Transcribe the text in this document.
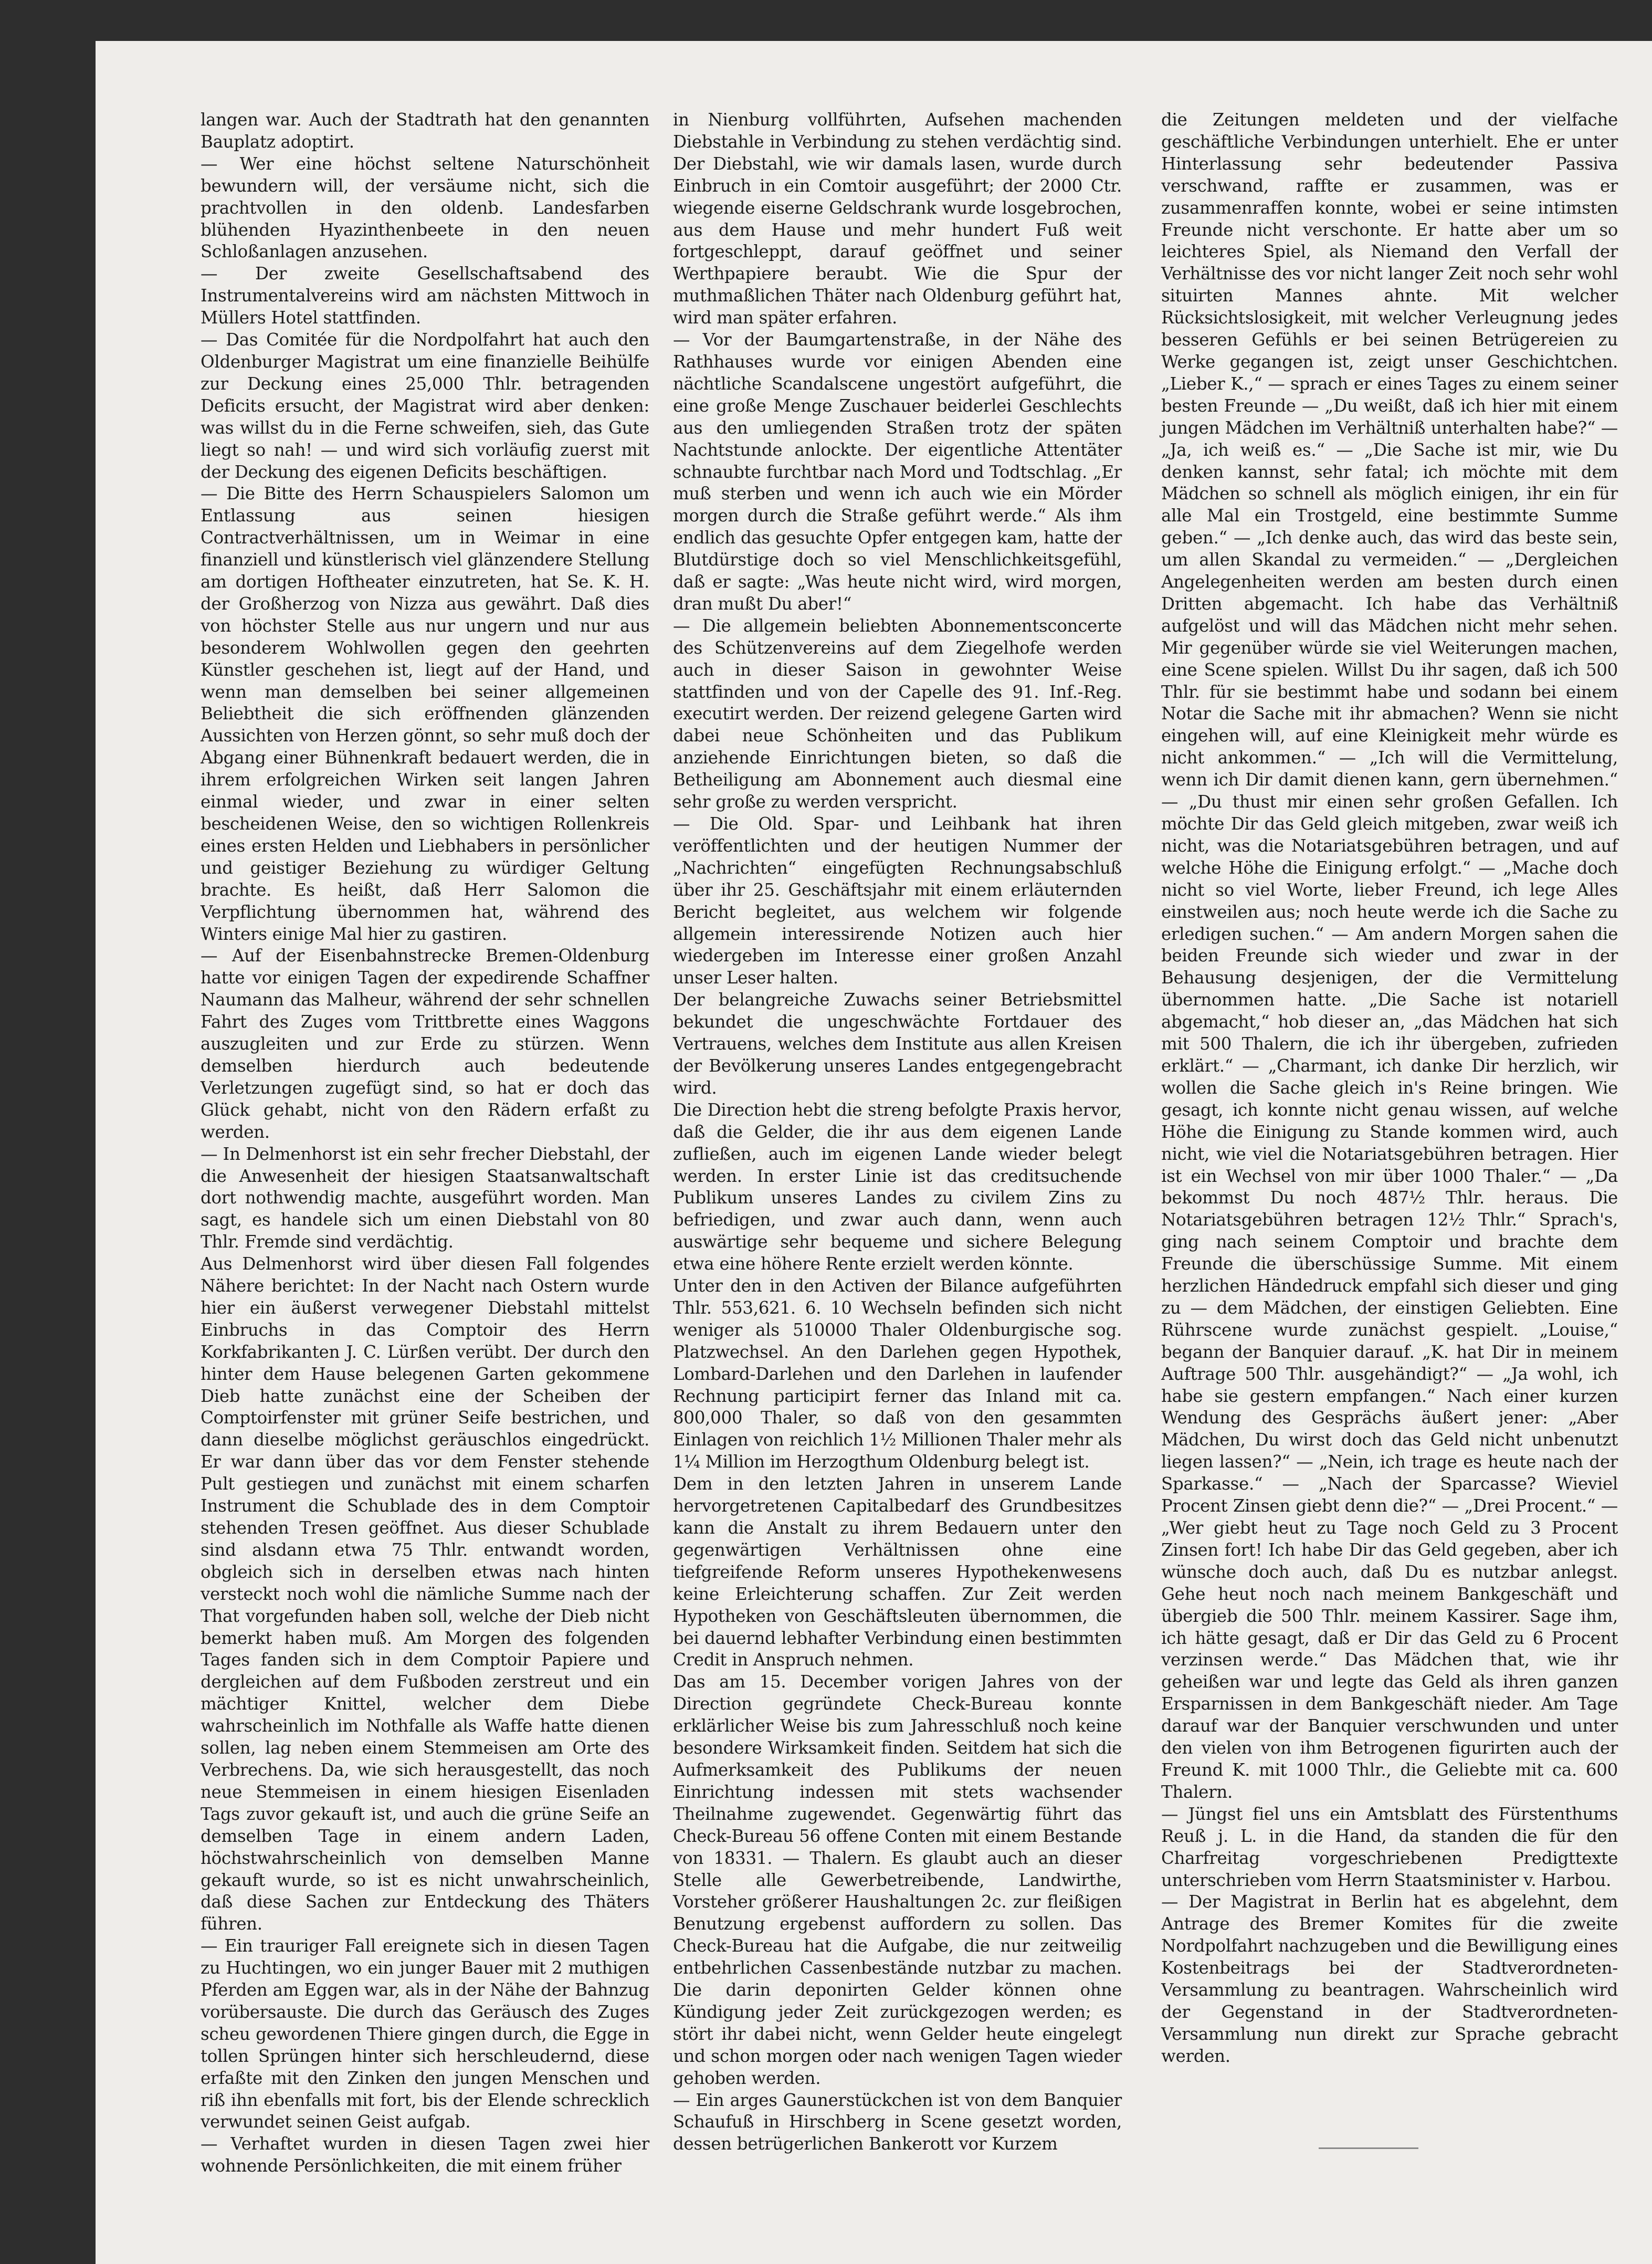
langen war. Auch der Stadtrath hat den genannten Bauplatz adoptirt.

— Wer eine höchst seltene Naturschönheit bewundern will, der versäume nicht, sich die prachtvollen in den oldenb. Landesfarben blühenden Hyazinthenbeete in den neuen Schloßanlagen anzusehen.

— Der zweite Gesellschaftsabend des Instrumentalvereins wird am nächsten Mittwoch in Müllers Hotel stattfinden.

— Das Comitée für die Nordpolfahrt hat auch den Oldenburger Magistrat um eine finanzielle Beihülfe zur Deckung eines 25,000 Thlr. betragenden Deficits ersucht, der Magistrat wird aber denken: was willst du in die Ferne schweifen, sieh, das Gute liegt so nah! — und wird sich vorläufig zuerst mit der Deckung des eigenen Deficits beschäftigen.

— Die Bitte des Herrn Schauspielers Salomon um Entlassung aus seinen hiesigen Contractverhältnissen, um in Weimar in eine finanziell und künstlerisch viel glänzendere Stellung am dortigen Hoftheater einzutreten, hat Se. K. H. der Großherzog von Nizza aus gewährt. Daß dies von höchster Stelle aus nur ungern und nur aus besonderem Wohlwollen gegen den geehrten Künstler geschehen ist, liegt auf der Hand, und wenn man demselben bei seiner allgemeinen Beliebtheit die sich eröffnenden glänzenden Aussichten von Herzen gönnt, so sehr muß doch der Abgang einer Bühnenkraft bedauert werden, die in ihrem erfolgreichen Wirken seit langen Jahren einmal wieder, und zwar in einer selten bescheidenen Weise, den so wichtigen Rollenkreis eines ersten Helden und Liebhabers in persönlicher und geistiger Beziehung zu würdiger Geltung brachte. Es heißt, daß Herr Salomon die Verpflichtung übernommen hat, während des Winters einige Mal hier zu gastiren.

— Auf der Eisenbahnstrecke Bremen-Oldenburg hatte vor einigen Tagen der expedirende Schaffner Naumann das Malheur, während der sehr schnellen Fahrt des Zuges vom Trittbrette eines Waggons auszugleiten und zur Erde zu stürzen. Wenn demselben hierdurch auch bedeutende Verletzungen zugefügt sind, so hat er doch das Glück gehabt, nicht von den Rädern erfaßt zu werden.

— In Delmenhorst ist ein sehr frecher Diebstahl, der die Anwesenheit der hiesigen Staatsanwaltschaft dort nothwendig machte, ausgeführt worden. Man sagt, es handele sich um einen Diebstahl von 80 Thlr. Fremde sind verdächtig.

Aus Delmenhorst wird über diesen Fall folgendes Nähere berichtet: In der Nacht nach Ostern wurde hier ein äußerst verwegener Diebstahl mittelst Einbruchs in das Comptoir des Herrn Korkfabrikanten J. C. Lürßen verübt. Der durch den hinter dem Hause belegenen Garten gekommene Dieb hatte zunächst eine der Scheiben der Comptoirfenster mit grüner Seife bestrichen, und dann dieselbe möglichst geräuschlos eingedrückt. Er war dann über das vor dem Fenster stehende Pult gestiegen und zunächst mit einem scharfen Instrument die Schublade des in dem Comptoir stehenden Tresen geöffnet. Aus dieser Schublade sind alsdann etwa 75 Thlr. entwandt worden, obgleich sich in derselben etwas nach hinten versteckt noch wohl die nämliche Summe nach der That vorgefunden haben soll, welche der Dieb nicht bemerkt haben muß. Am Morgen des folgenden Tages fanden sich in dem Comptoir Papiere und dergleichen auf dem Fußboden zerstreut und ein mächtiger Knittel, welcher dem Diebe wahrscheinlich im Nothfalle als Waffe hatte dienen sollen, lag neben einem Stemmeisen am Orte des Verbrechens. Da, wie sich herausgestellt, das noch neue Stemmeisen in einem hiesigen Eisenladen Tags zuvor gekauft ist, und auch die grüne Seife an demselben Tage in einem andern Laden, höchstwahrscheinlich von demselben Manne gekauft wurde, so ist es nicht unwahrscheinlich, daß diese Sachen zur Entdeckung des Thäters führen.

— Ein trauriger Fall ereignete sich in diesen Tagen zu Huchtingen, wo ein junger Bauer mit 2 muthigen Pferden am Eggen war, als in der Nähe der Bahnzug vorübersauste. Die durch das Geräusch des Zuges scheu gewordenen Thiere gingen durch, die Egge in tollen Sprüngen hinter sich herschleudernd, diese erfaßte mit den Zinken den jungen Menschen und riß ihn ebenfalls mit fort, bis der Elende schrecklich verwundet seinen Geist aufgab.

— Verhaftet wurden in diesen Tagen zwei hier wohnende Persönlichkeiten, die mit einem früher

in Nienburg vollführten, Aufsehen machenden Diebstahle in Verbindung zu stehen verdächtig sind. Der Diebstahl, wie wir damals lasen, wurde durch Einbruch in ein Comtoir ausgeführt; der 2000 Ctr. wiegende eiserne Geldschrank wurde losgebrochen, aus dem Hause und mehr hundert Fuß weit fortgeschleppt, darauf geöffnet und seiner Werthpapiere beraubt. Wie die Spur der muthmaßlichen Thäter nach Oldenburg geführt hat, wird man später erfahren.

— Vor der Baumgartenstraße, in der Nähe des Rathhauses wurde vor einigen Abenden eine nächtliche Scandalscene ungestört aufgeführt, die eine große Menge Zuschauer beiderlei Geschlechts aus den umliegenden Straßen trotz der späten Nachtstunde anlockte. Der eigentliche Attentäter schnaubte furchtbar nach Mord und Todtschlag. „Er muß sterben und wenn ich auch wie ein Mörder morgen durch die Straße geführt werde.“ Als ihm endlich das gesuchte Opfer entgegen kam, hatte der Blutdürstige doch so viel Menschlichkeitsgefühl, daß er sagte: „Was heute nicht wird, wird morgen, dran mußt Du aber!“

— Die allgemein beliebten Abonnementsconcerte des Schützenvereins auf dem Ziegelhofe werden auch in dieser Saison in gewohnter Weise stattfinden und von der Capelle des 91. Inf.-Reg. executirt werden. Der reizend gelegene Garten wird dabei neue Schönheiten und das Publikum anziehende Einrichtungen bieten, so daß die Betheiligung am Abonnement auch diesmal eine sehr große zu werden verspricht.

— Die Old. Spar- und Leihbank hat ihren veröffentlichten und der heutigen Nummer der „Nachrichten“ eingefügten Rechnungsabschluß über ihr 25. Geschäftsjahr mit einem erläuternden Bericht begleitet, aus welchem wir folgende allgemein interessirende Notizen auch hier wiedergeben im Interesse einer großen Anzahl unser Leser halten.

Der belangreiche Zuwachs seiner Betriebsmittel bekundet die ungeschwächte Fortdauer des Vertrauens, welches dem Institute aus allen Kreisen der Bevölkerung unseres Landes entgegengebracht wird.

Die Direction hebt die streng befolgte Praxis hervor, daß die Gelder, die ihr aus dem eigenen Lande zufließen, auch im eigenen Lande wieder belegt werden. In erster Linie ist das creditsuchende Publikum unseres Landes zu civilem Zins zu befriedigen, und zwar auch dann, wenn auch auswärtige sehr bequeme und sichere Belegung etwa eine höhere Rente erzielt werden könnte.

Unter den in den Activen der Bilance aufgeführten Thlr. 553,621. 6. 10 Wechseln befinden sich nicht weniger als 510000 Thaler Oldenburgische sog. Platzwechsel. An den Darlehen gegen Hypothek, Lombard-Darlehen und den Darlehen in laufender Rechnung participirt ferner das Inland mit ca. 800,000 Thaler, so daß von den gesammten Einlagen von reichlich 1½ Millionen Thaler mehr als 1¼ Million im Herzogthum Oldenburg belegt ist.

Dem in den letzten Jahren in unserem Lande hervorgetretenen Capitalbedarf des Grundbesitzes kann die Anstalt zu ihrem Bedauern unter den gegenwärtigen Verhältnissen ohne eine tiefgreifende Reform unseres Hypothekenwesens keine Erleichterung schaffen. Zur Zeit werden Hypotheken von Geschäftsleuten übernommen, die bei dauernd lebhafter Verbindung einen bestimmten Credit in Anspruch nehmen.

Das am 15. December vorigen Jahres von der Direction gegründete Check-Bureau konnte erklärlicher Weise bis zum Jahresschluß noch keine besondere Wirksamkeit finden. Seitdem hat sich die Aufmerksamkeit des Publikums der neuen Einrichtung indessen mit stets wachsender Theilnahme zugewendet. Gegenwärtig führt das Check-Bureau 56 offene Conten mit einem Bestande von 18331. — Thalern. Es glaubt auch an dieser Stelle alle Gewerbetreibende, Landwirthe, Vorsteher größerer Haushaltungen 2c. zur fleißigen Benutzung ergebenst auffordern zu sollen. Das Check-Bureau hat die Aufgabe, die nur zeitweilig entbehrlichen Cassenbestände nutzbar zu machen. Die darin deponirten Gelder können ohne Kündigung jeder Zeit zurückgezogen werden; es stört ihr dabei nicht, wenn Gelder heute eingelegt und schon morgen oder nach wenigen Tagen wieder gehoben werden.

— Ein arges Gaunerstückchen ist von dem Banquier Schaufuß in Hirschberg in Scene gesetzt worden, dessen betrügerlichen Bankerott vor Kurzem

die Zeitungen meldeten und der vielfache geschäftliche Verbindungen unterhielt. Ehe er unter Hinterlassung sehr bedeutender Passiva verschwand, raffte er zusammen, was er zusammenraffen konnte, wobei er seine intimsten Freunde nicht verschonte. Er hatte aber um so leichteres Spiel, als Niemand den Verfall der Verhältnisse des vor nicht langer Zeit noch sehr wohl situirten Mannes ahnte. Mit welcher Rücksichtslosigkeit, mit welcher Verleugnung jedes besseren Gefühls er bei seinen Betrügereien zu Werke gegangen ist, zeigt unser Geschichtchen. „Lieber K.,“ — sprach er eines Tages zu einem seiner besten Freunde — „Du weißt, daß ich hier mit einem jungen Mädchen im Verhältniß unterhalten habe?“ — „Ja, ich weiß es.“ — „Die Sache ist mir, wie Du denken kannst, sehr fatal; ich möchte mit dem Mädchen so schnell als möglich einigen, ihr ein für alle Mal ein Trostgeld, eine bestimmte Summe geben.“ — „Ich denke auch, das wird das beste sein, um allen Skandal zu vermeiden.“ — „Dergleichen Angelegenheiten werden am besten durch einen Dritten abgemacht. Ich habe das Verhältniß aufgelöst und will das Mädchen nicht mehr sehen. Mir gegenüber würde sie viel Weiterungen machen, eine Scene spielen. Willst Du ihr sagen, daß ich 500 Thlr. für sie bestimmt habe und sodann bei einem Notar die Sache mit ihr abmachen? Wenn sie nicht eingehen will, auf eine Kleinigkeit mehr würde es nicht ankommen.“ — „Ich will die Vermittelung, wenn ich Dir damit dienen kann, gern übernehmen.“ — „Du thust mir einen sehr großen Gefallen. Ich möchte Dir das Geld gleich mitgeben, zwar weiß ich nicht, was die Notariatsgebühren betragen, und auf welche Höhe die Einigung erfolgt.“ — „Mache doch nicht so viel Worte, lieber Freund, ich lege Alles einstweilen aus; noch heute werde ich die Sache zu erledigen suchen.“ — Am andern Morgen sahen die beiden Freunde sich wieder und zwar in der Behausung desjenigen, der die Vermittelung übernommen hatte. „Die Sache ist notariell abgemacht,“ hob dieser an, „das Mädchen hat sich mit 500 Thalern, die ich ihr übergeben, zufrieden erklärt.“ — „Charmant, ich danke Dir herzlich, wir wollen die Sache gleich in's Reine bringen. Wie gesagt, ich konnte nicht genau wissen, auf welche Höhe die Einigung zu Stande kommen wird, auch nicht, wie viel die Notariatsgebühren betragen. Hier ist ein Wechsel von mir über 1000 Thaler.“ — „Da bekommst Du noch 487½ Thlr. heraus. Die Notariatsgebühren betragen 12½ Thlr.“ Sprach's, ging nach seinem Comptoir und brachte dem Freunde die überschüssige Summe. Mit einem herzlichen Händedruck empfahl sich dieser und ging zu — dem Mädchen, der einstigen Geliebten. Eine Rührscene wurde zunächst gespielt. „Louise,“ begann der Banquier darauf. „K. hat Dir in meinem Auftrage 500 Thlr. ausgehändigt?“ — „Ja wohl, ich habe sie gestern empfangen.“ Nach einer kurzen Wendung des Gesprächs äußert jener: „Aber Mädchen, Du wirst doch das Geld nicht unbenutzt liegen lassen?“ — „Nein, ich trage es heute nach der Sparkasse.“ — „Nach der Sparcasse? Wieviel Procent Zinsen giebt denn die?“ — „Drei Procent.“ — „Wer giebt heut zu Tage noch Geld zu 3 Procent Zinsen fort! Ich habe Dir das Geld gegeben, aber ich wünsche doch auch, daß Du es nutzbar anlegst. Gehe heut noch nach meinem Bankgeschäft und übergieb die 500 Thlr. meinem Kassirer. Sage ihm, ich hätte gesagt, daß er Dir das Geld zu 6 Procent verzinsen werde.“ Das Mädchen that, wie ihr geheißen war und legte das Geld als ihren ganzen Ersparnissen in dem Bankgeschäft nieder. Am Tage darauf war der Banquier verschwunden und unter den vielen von ihm Betrogenen figurirten auch der Freund K. mit 1000 Thlr., die Geliebte mit ca. 600 Thalern.

— Jüngst fiel uns ein Amtsblatt des Fürstenthums Reuß j. L. in die Hand, da standen die für den Charfreitag vorgeschriebenen Predigttexte unterschrieben vom Herrn Staatsminister v. Harbou.

— Der Magistrat in Berlin hat es abgelehnt, dem Antrage des Bremer Komites für die zweite Nordpolfahrt nachzugeben und die Bewilligung eines Kostenbeitrags bei der Stadtverordneten-Versammlung zu beantragen. Wahrscheinlich wird der Gegenstand in der Stadtverordneten-Versammlung nun direkt zur Sprache gebracht werden.
